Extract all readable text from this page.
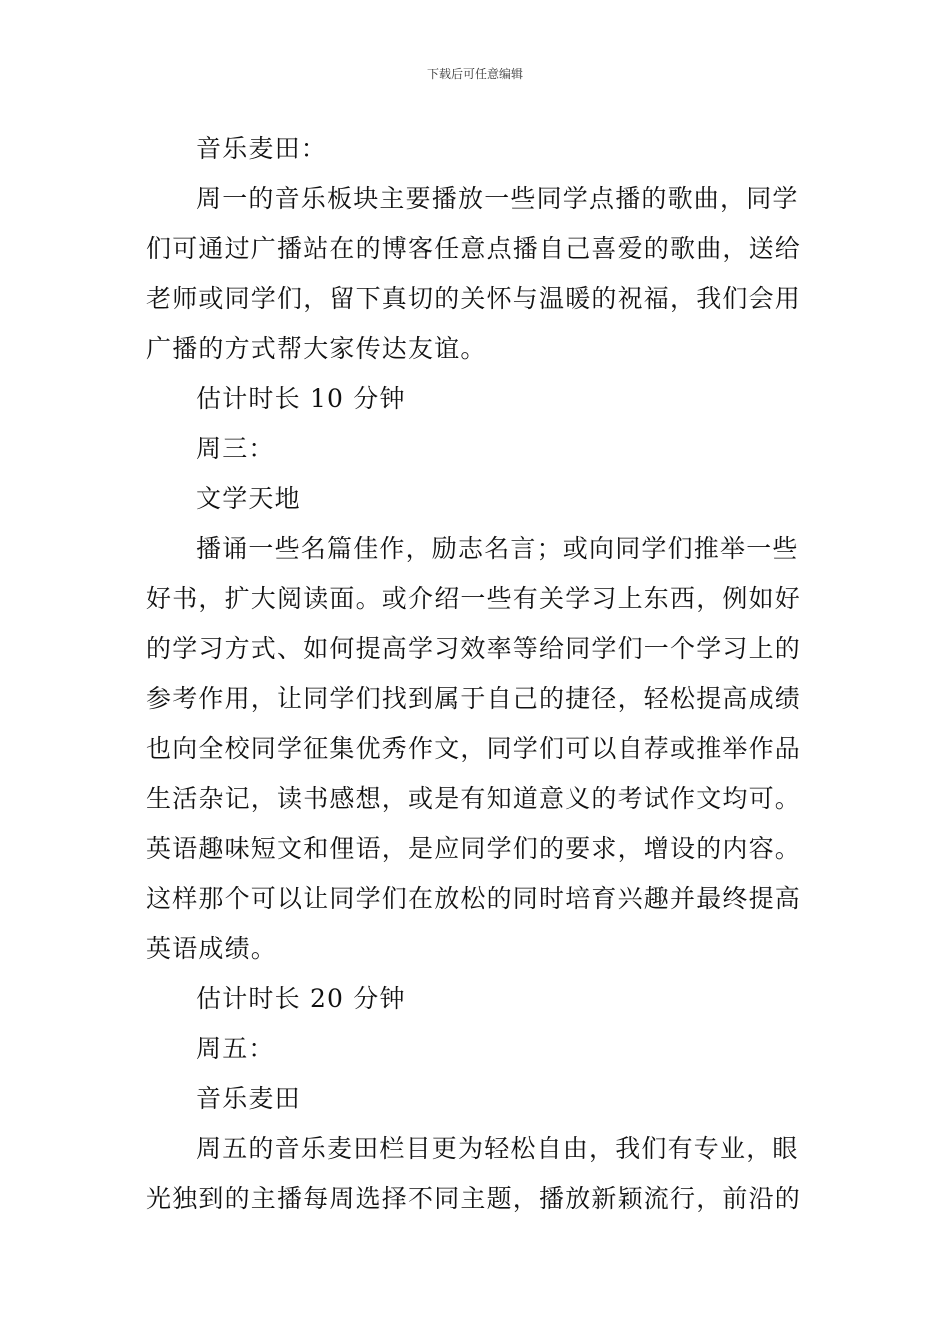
下载后可任意编辑
音乐麦田：
周一的音乐板块主要播放一些同学点播的歌曲，同学
们可通过广播站在的博客任意点播自己喜爱的歌曲，送给
老师或同学们，留下真切的关怀与温暖的祝福，我们会用
广播的方式帮大家传达友谊。
估计时长 10 分钟
周三：
文学天地
播诵一些名篇佳作，励志名言；或向同学们推举一些
好书，扩大阅读面。或介绍一些有关学习上东西，例如好
的学习方式、如何提高学习效率等给同学们一个学习上的
参考作用，让同学们找到属于自己的捷径，轻松提高成绩
也向全校同学征集优秀作文，同学们可以自荐或推举作品
生活杂记，读书感想，或是有知道意义的考试作文均可。
英语趣味短文和俚语，是应同学们的要求，增设的内容。
这样那个可以让同学们在放松的同时培育兴趣并最终提高
英语成绩。
估计时长 20 分钟
周五：
音乐麦田
周五的音乐麦田栏目更为轻松自由，我们有专业，眼
光独到的主播每周选择不同主题，播放新颖流行，前沿的
